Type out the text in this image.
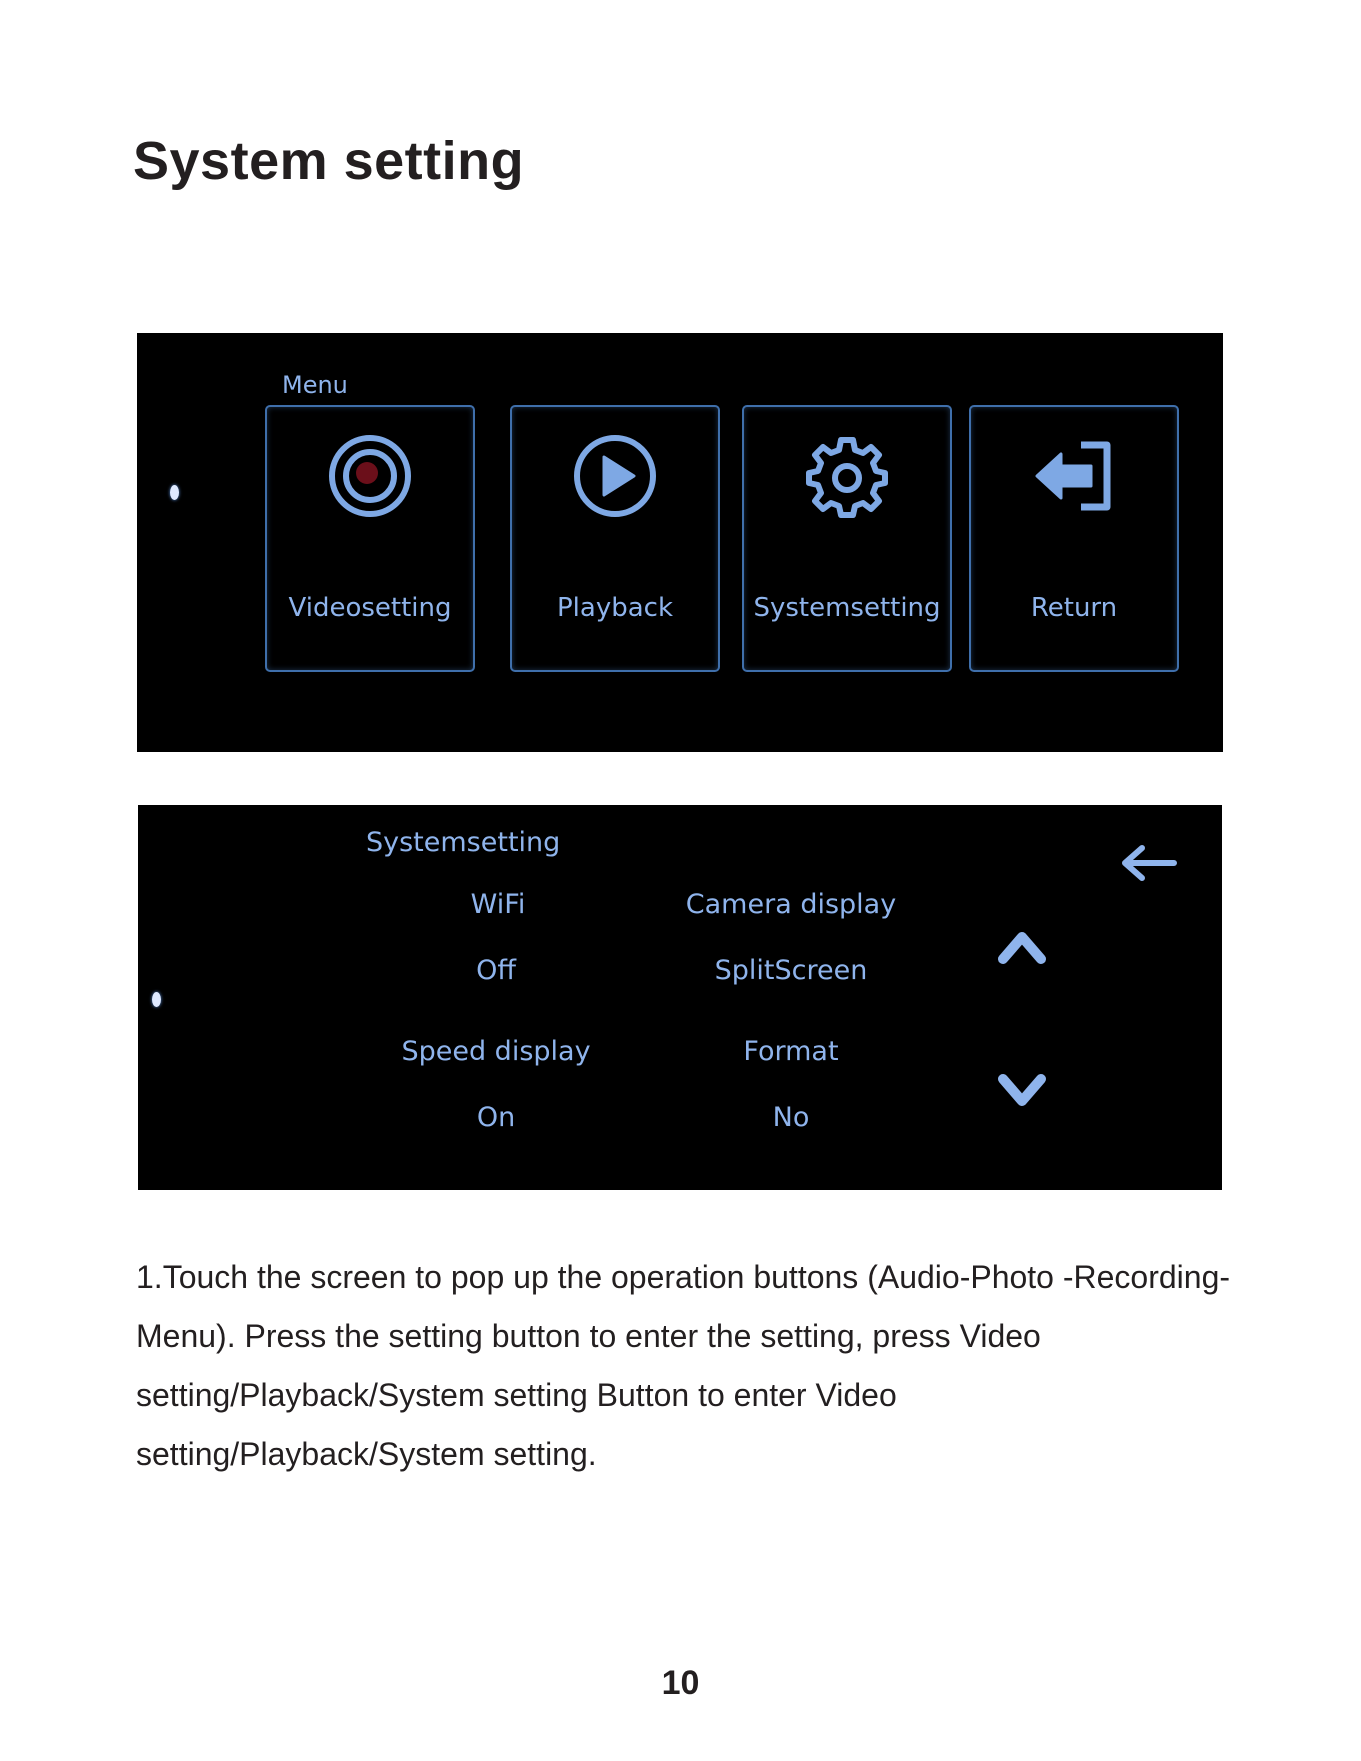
System setting
Menu
Videosetting	Playback	Systemsetting	Return
Systemsetting
WiFi
Off
Camera display
SplitScreen
Speed display
On
Format
No

1.Touch the screen to pop up the operation buttons (Audio-Photo -Recording-Menu). Press the setting button to enter the setting, press Video setting/Playback/System setting Button to enter Video setting/Playback/System setting.

10
